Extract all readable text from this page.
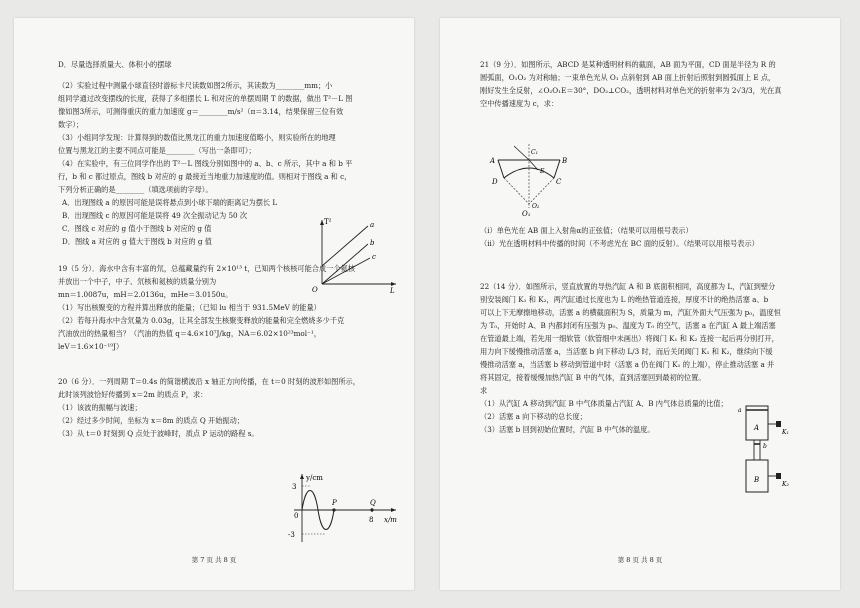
D．尽量选择质量大、体积小的摆球

（2）实验过程中测量小球直径时游标卡尺读数如图2所示，其读数为________mm；小

组同学通过改变摆线的长度，获得了多组摆长 L 和对应的单摆周期 T 的数据，做出 T²－L 图

像如图3所示，可测得重庆的重力加速度 g＝________m/s²（π＝3.14，结果保留三位有效

数字）；

（3）小组同学发现：计算得到的数值比黑龙江的重力加速度值略小，则实验所在的地理

位置与黑龙江的主要不同点可能是________（写出一条即可）；

（4）在实验中，有三位同学作出的 T²－L 图线分别如图中的 a、b、c 所示，其中 a 和 b 平

行，b 和 c 都过原点，图线 b 对应的 g 最接近当地重力加速度的值。则相对于图线 a 和 c，

下列分析正确的是________（填选项前的字母）。

A．出现图线 a 的原因可能是误将悬点到小球下端的距离记为摆长 L

B．出现图线 c 的原因可能是误将 49 次全振动记为 50 次

C．图线 c 对应的 g 值小于图线 b 对应的 g 值

D．图线 a 对应的 g 值大于图线 b 对应的 g 值

19（5 分）．海水中含有丰富的氘，总蕴藏量约有 2×10¹³ t，已知两个核核可能合成一个氦核

并放出一个中子，中子、氘核和氦核的质量分别为

mn＝1.0087u，mH＝2.0136u，mHe＝3.0150u。

（1）写出核聚变的方程并算出释放的能量；（已知 lu 相当于 931.5MeV 的能量）

（2）若每升海水中含氘量为 0.03g，让其全部发生核聚变释放的能量和完全燃烧多少千克

汽油放出的热量相当？（汽油的热值 q＝4.6×10⁷J/kg，NA＝6.02×10²³mol⁻¹，

leV＝1.6×10⁻¹⁹J）

20（6 分）．一列周期 T＝0.4s 的简谐横波沿 x 轴正方向传播，在 t＝0 时刻的波形如图所示，

此时该列波恰好传播到 x＝2m 的质点 P，求：

（1）该波的振幅与波速；

（2）经过多少时间，坐标为 x＝8m 的质点 Q 开始振动；

（3）从 t＝0 时刻到 Q 点处于波峰时，质点 P 运动的路程 s。

T²
L
O
a
b
c
y/cm
x/m
3
-3
0
P	Q
8
第 7 页 共 8 页

21（9 分）．如图所示，ABCD 是某种透明材料的截面，AB 面为平面，CD 面是半径为 R 的

圆弧面，O₁O₂ 为对称轴；一束单色光从 O₁ 点斜射到 AB 面上折射后照射到圆弧面上 E 点，

刚好发生全反射，∠O₂O₁E＝30°，DO₂⊥CO₂，透明材料对单色光的折射率为 2√3/3，光在真

空中传播速度为 c，求：

A	B
C
D
C₁
E
O₁
O₂

（i）单色光在 AB 面上入射角α的正弦值；（结果可以用根号表示）

（ii）光在透明材料中传播的时间（不考虑光在 BC 面的反射）。（结果可以用根号表示）

22（14 分）．如图所示，竖直放置的导热汽缸 A 和 B 底面积相同，高度都为 L，汽缸到壁分

别安装阀门 K₁ 和 K₂，两汽缸通过长度也为 L 的绝热管道连接，厚度不计的绝热活塞 a、b

可以上下无摩擦地移动，活塞 a 的横截面积为 S，质量为 m，汽缸外面大气压强为 p₀，温度恒

为 T₀，开始时 A、B 内都封闭有压强为 p₀、温度为 T₀ 的空气，活塞 a 在汽缸 A 最上端活塞

在管道最上端，若先用一细软管（软管细中未画出）将阀门 K₁ 和 K₂ 连接一起后再分别打开，

用力向下缓慢推动活塞 a，当活塞 b 向下移动 L/3 时，而后关闭阀门 K₁ 和 K₂，继续向下缓

慢推动活塞 a，当活塞 b 移动到管道中时（活塞 a 仍在阀门 K₁ 的上端），停止推动活塞 a 并

将其固定，接着缓慢加热汽缸 B 中的气体，直到活塞回到最初的位置。

求

（1）从汽缸 A 移动到汽缸 B 中气体质量占汽缸 A、B 内气体总质量的比值；

（2）活塞 a 向下移动的总长度；

（3）活塞 b 回到初始位置时，汽缸 B 中气体的温度。	A
B
K₁
K₂
a
b
第 8 页 共 8 页
